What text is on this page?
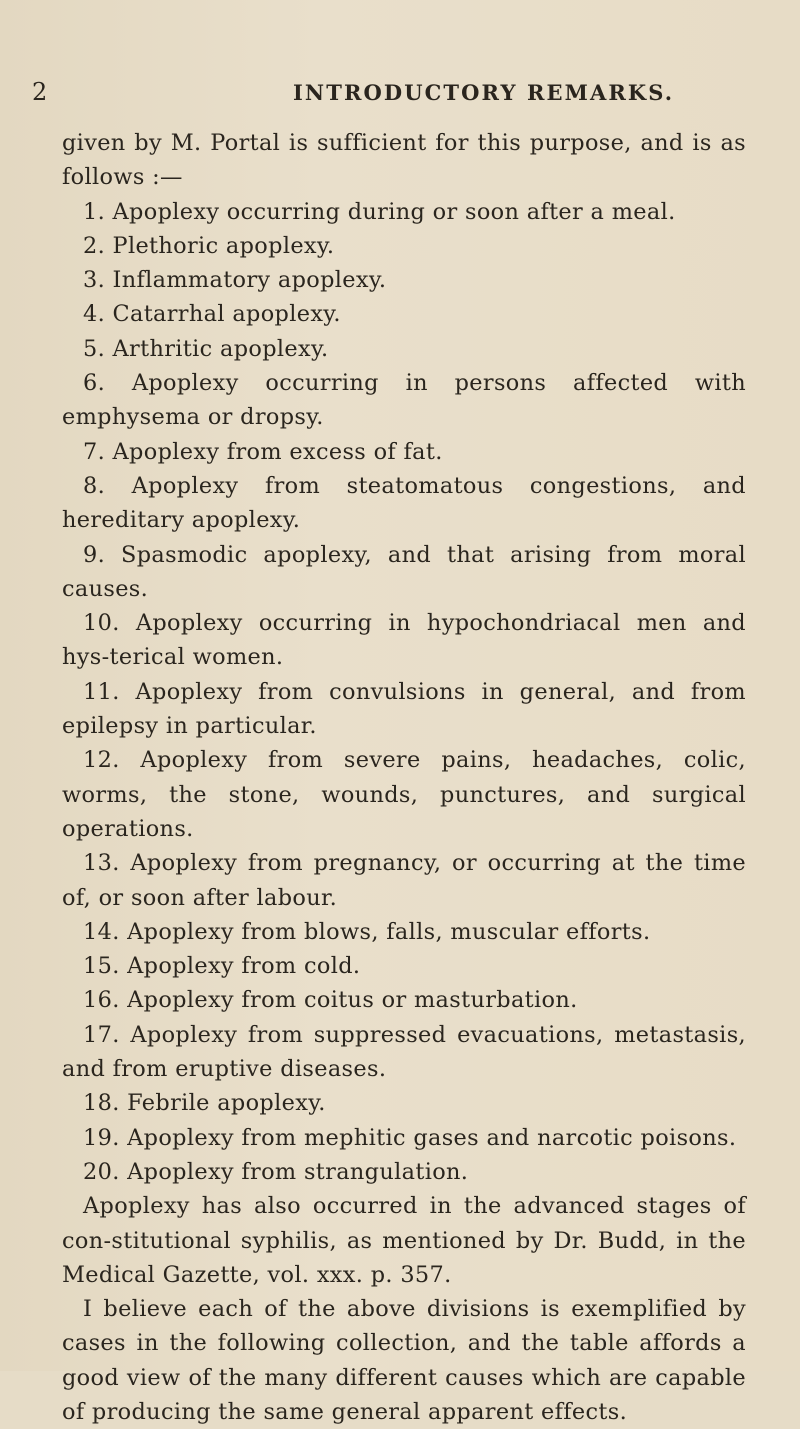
2	INTRODUCTORY REMARKS.

given by M. Portal is sufficient for this purpose, and is as follows :—

1. Apoplexy occurring during or soon after a meal.

2. Plethoric apoplexy.

3. Inflammatory apoplexy.

4. Catarrhal apoplexy.

5. Arthritic apoplexy.

6. Apoplexy occurring in persons affected with emphysema or dropsy.

7. Apoplexy from excess of fat.

8. Apoplexy from steatomatous congestions, and hereditary apoplexy.

9. Spasmodic apoplexy, and that arising from moral causes.

10. Apoplexy occurring in hypochondriacal men and hys-terical women.

11. Apoplexy from convulsions in general, and from epilepsy in particular.

12. Apoplexy from severe pains, headaches, colic, worms, the stone, wounds, punctures, and surgical operations.

13. Apoplexy from pregnancy, or occurring at the time of, or soon after labour.

14. Apoplexy from blows, falls, muscular efforts.

15. Apoplexy from cold.

16. Apoplexy from coitus or masturbation.

17. Apoplexy from suppressed evacuations, metastasis, and from eruptive diseases.

18. Febrile apoplexy.

19. Apoplexy from mephitic gases and narcotic poisons.

20. Apoplexy from strangulation.

Apoplexy has also occurred in the advanced stages of con-stitutional syphilis, as mentioned by Dr. Budd, in the Medical Gazette, vol. xxx. p. 357.

I believe each of the above divisions is exemplified by cases in the following collection, and the table affords a good view of the many different causes which are capable of producing the same general apparent effects.
